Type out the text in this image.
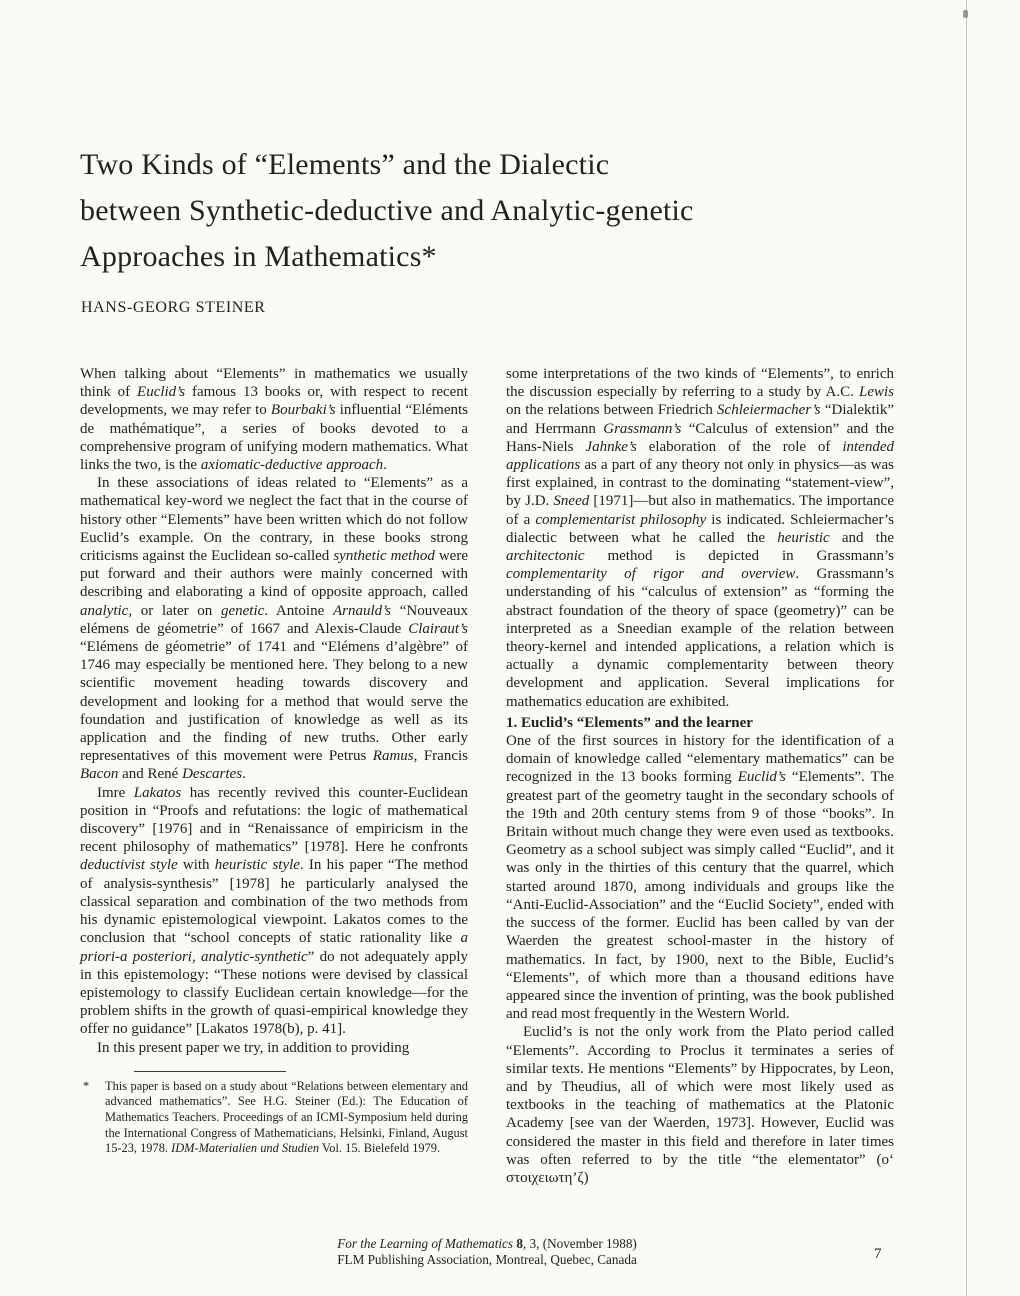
Two Kinds of “Elements” and the Dialectic
between Synthetic-deductive and Analytic-genetic
Approaches in Mathematics*
HANS-GEORG STEINER

When talking about “Elements” in mathematics we usually think of Euclid’s famous 13 books or, with respect to recent developments, we may refer to Bourbaki’s influential “Eléments de mathématique”, a series of books devoted to a comprehensive program of unifying modern mathematics. What links the two, is the axiomatic-deductive approach.

In these associations of ideas related to “Elements” as a mathematical key-word we neglect the fact that in the course of history other “Elements” have been written which do not follow Euclid’s example. On the contrary, in these books strong criticisms against the Euclidean so-called synthetic method were put forward and their authors were mainly concerned with describing and elaborating a kind of opposite approach, called analytic, or later on genetic. Antoine Arnauld’s “Nouveaux elémens de géometrie” of 1667 and Alexis-Claude Clairaut’s “Elémens de géometrie” of 1741 and “Elémens d’algèbre” of 1746 may especially be mentioned here. They belong to a new scientific movement heading towards discovery and development and looking for a method that would serve the foundation and justification of knowledge as well as its application and the finding of new truths. Other early representatives of this movement were Petrus Ramus, Francis Bacon and René Descartes.

Imre Lakatos has recently revived this counter-Euclidean position in “Proofs and refutations: the logic of mathematical discovery” [1976] and in “Renaissance of empiricism in the recent philosophy of mathematics” [1978]. Here he confronts deductivist style with heuristic style. In his paper “The method of analysis-synthesis” [1978] he particularly analysed the classical separation and combination of the two methods from his dynamic epistemological viewpoint. Lakatos comes to the conclusion that “school concepts of static rationality like a priori-a posteriori, analytic-synthetic” do not adequately apply in this epistemology: “These notions were devised by classical epistemology to classify Euclidean certain knowledge—for the problem shifts in the growth of quasi-empirical knowledge they offer no guidance” [Lakatos 1978(b), p. 41].

In this present paper we try, in addition to providing

* This paper is based on a study about “Relations between elementary and advanced mathematics”. See H.G. Steiner (Ed.): The Education of Mathematics Teachers. Proceedings of an ICMI-Symposium held during the International Congress of Mathematicians, Helsinki, Finland, August 15-23, 1978. IDM-Materialien und Studien Vol. 15. Bielefeld 1979.

some interpretations of the two kinds of “Elements”, to enrich the discussion especially by referring to a study by A.C. Lewis on the relations between Friedrich Schleiermacher’s “Dialektik” and Herrmann Grassmann’s “Calculus of extension” and the Hans-Niels Jahnke’s elaboration of the role of intended applications as a part of any theory not only in physics—as was first explained, in contrast to the dominating “statement-view”, by J.D. Sneed [1971]—but also in mathematics. The importance of a complementarist philosophy is indicated. Schleiermacher’s dialectic between what he called the heuristic and the architectonic method is depicted in Grassmann’s complementarity of rigor and overview. Grassmann’s understanding of his “calculus of extension” as “forming the abstract foundation of the theory of space (geometry)” can be interpreted as a Sneedian example of the relation between theory-kernel and intended applications, a relation which is actually a dynamic complementarity between theory development and application. Several implications for mathematics education are exhibited.

1. Euclid’s “Elements” and the learner

One of the first sources in history for the identification of a domain of knowledge called “elementary mathematics” can be recognized in the 13 books forming Euclid’s “Elements”. The greatest part of the geometry taught in the secondary schools of the 19th and 20th century stems from 9 of those “books”. In Britain without much change they were even used as textbooks. Geometry as a school subject was simply called “Euclid”, and it was only in the thirties of this century that the quarrel, which started around 1870, among individuals and groups like the “Anti-Euclid-Association” and the “Euclid Society”, ended with the success of the former. Euclid has been called by van der Waerden the greatest school-master in the history of mathematics. In fact, by 1900, next to the Bible, Euclid’s “Elements”, of which more than a thousand editions have appeared since the invention of printing, was the book published and read most frequently in the Western World.

Euclid’s is not the only work from the Plato period called “Elements”. According to Proclus it terminates a series of similar texts. He mentions “Elements” by Hippocrates, by Leon, and by Theudius, all of which were most likely used as textbooks in the teaching of mathematics at the Platonic Academy [see van der Waerden, 1973]. However, Euclid was considered the master in this field and therefore in later times was often referred to by the title “the elementator” (o‘ στοιχειωτη’ζ)

For the Learning of Mathematics 8, 3, (November 1988)
FLM Publishing Association, Montreal, Quebec, Canada	7
